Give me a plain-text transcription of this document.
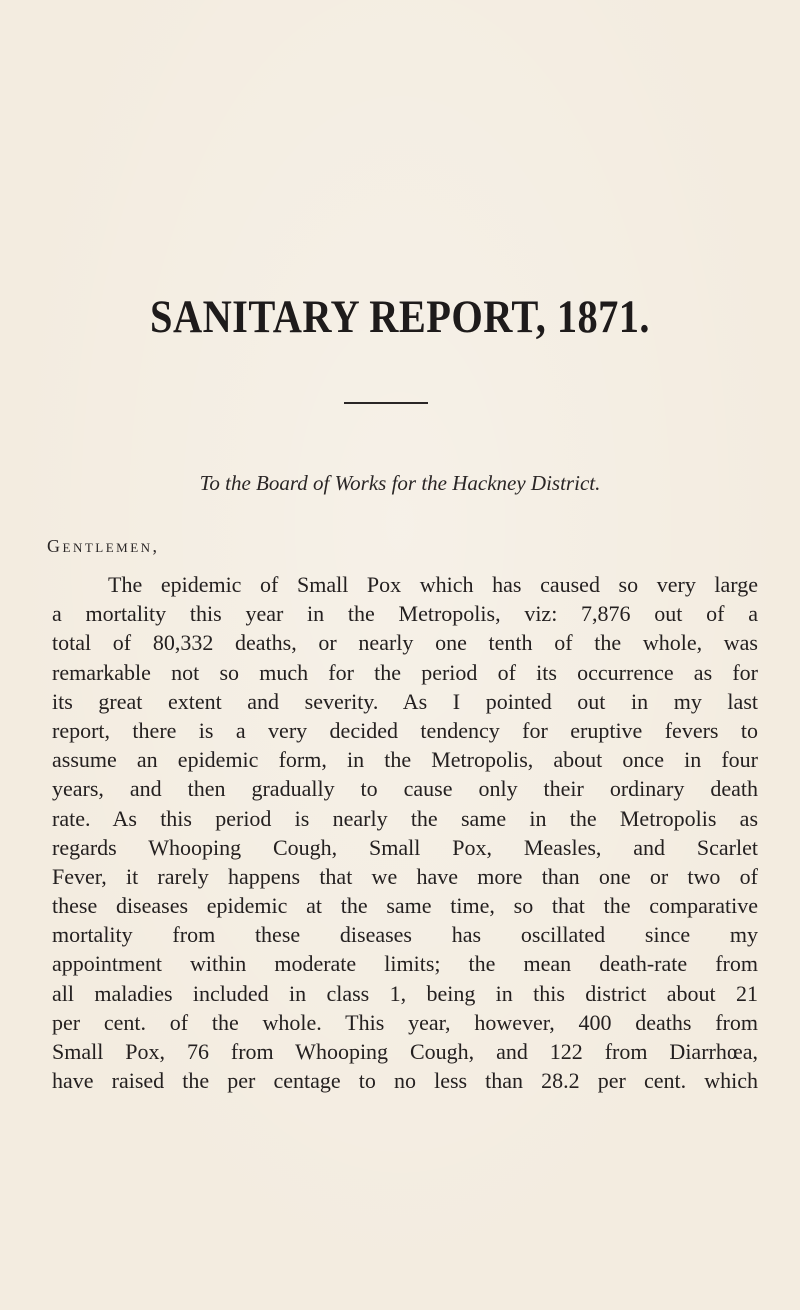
SANITARY REPORT, 1871.
To the Board of Works for the Hackney District.
Gentlemen,
The epidemic of Small Pox which has caused so very large
a mortality this year in the Metropolis, viz: 7,876 out of a
total of 80,332 deaths, or nearly one tenth of the whole, was
remarkable not so much for the period of its occurrence as for
its great extent and severity. As I pointed out in my last
report, there is a very decided tendency for eruptive fevers to
assume an epidemic form, in the Metropolis, about once in four
years, and then gradually to cause only their ordinary death
rate. As this period is nearly the same in the Metropolis as
regards Whooping Cough, Small Pox, Measles, and Scarlet
Fever, it rarely happens that we have more than one or two of
these diseases epidemic at the same time, so that the comparative
mortality from these diseases has oscillated since my
appointment within moderate limits; the mean death-rate from
all maladies included in class 1, being in this district about 21
per cent. of the whole. This year, however, 400 deaths from
Small Pox, 76 from Whooping Cough, and 122 from Diarrhœa,
have raised the per centage to no less than 28.2 per cent. which
